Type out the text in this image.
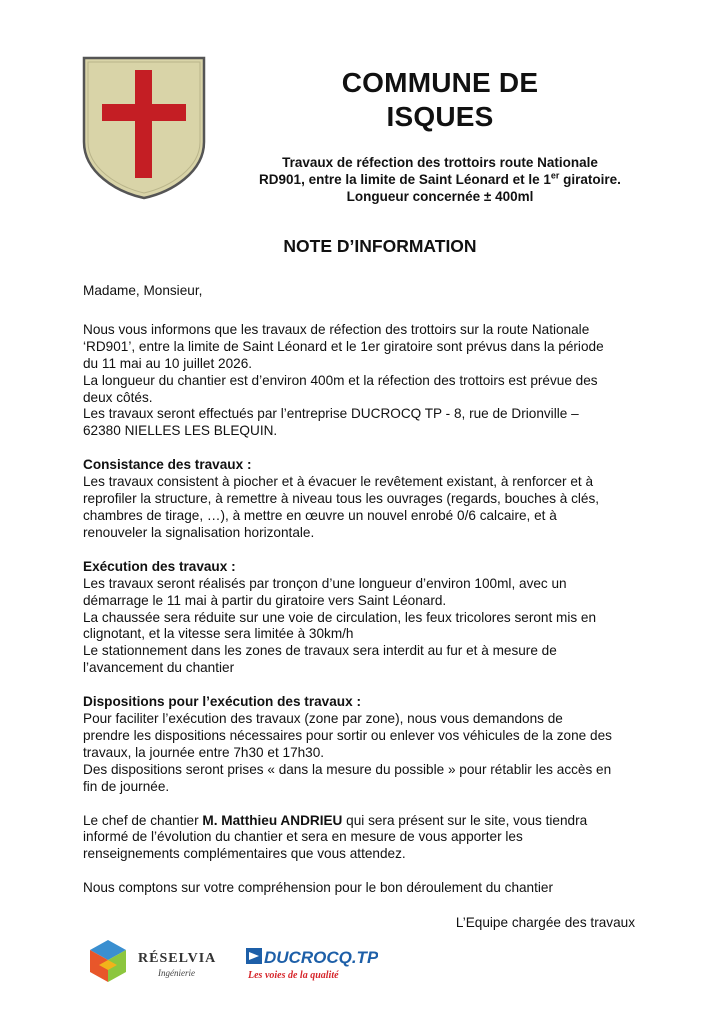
COMMUNE DE
ISQUES
Travaux de réfection des trottoirs route Nationale
RD901, entre la limite de Saint Léonard et le 1er giratoire.
Longueur concernée ± 400ml
NOTE D’INFORMATION

Madame, Monsieur,

Nous vous informons que les travaux de réfection des trottoirs sur la route Nationale

‘RD901’, entre la limite de Saint Léonard et le 1er giratoire sont prévus dans la période

du 11 mai au 10 juillet 2026.

La longueur du chantier est d’environ 400m et la réfection des trottoirs est prévue des

deux côtés.

Les travaux seront effectués par l’entreprise DUCROCQ TP - 8, rue de Drionville –

62380 NIELLES LES BLEQUIN.

Consistance des travaux :

Les travaux consistent à piocher et à évacuer le revêtement existant, à renforcer et à

reprofiler la structure, à remettre à niveau tous les ouvrages (regards, bouches à clés,

chambres de tirage, …), à mettre en œuvre un nouvel enrobé 0/6 calcaire, et à

renouveler la signalisation horizontale.

Exécution des travaux :

Les travaux seront réalisés par tronçon d’une longueur d’environ 100ml, avec un

démarrage le 11 mai à partir du giratoire vers Saint Léonard.

La chaussée sera réduite sur une voie de circulation, les feux tricolores seront mis en

clignotant, et la vitesse sera limitée à 30km/h

Le stationnement dans les zones de travaux sera interdit au fur et à mesure de

l’avancement du chantier

Dispositions pour l’exécution des travaux :

Pour faciliter l’exécution des travaux (zone par zone), nous vous demandons de

prendre les dispositions nécessaires pour sortir ou enlever vos véhicules de la zone des

travaux, la journée entre 7h30 et 17h30.

Des dispositions seront prises « dans la mesure du possible » pour rétablir les accès en

fin de journée.

Le chef de chantier M. Matthieu ANDRIEU qui sera présent sur le site, vous tiendra

informé de l’évolution du chantier et sera en mesure de vous apporter les

renseignements complémentaires que vous attendez.

Nous comptons sur votre compréhension pour le bon déroulement du chantier

L’Equipe chargée des travaux

RÉSELVIA
Ingénierie
DUCROCQ.TP
Les voies de la qualité
